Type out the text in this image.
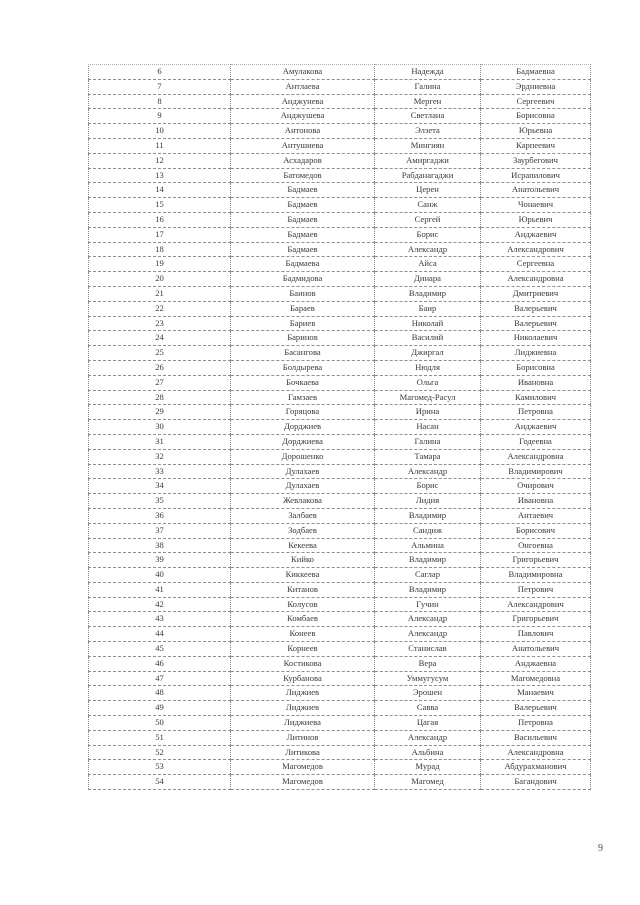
6	Амулакова	Надежда	Бадмаевна
7	Антлаева	Галина	Эрдниевна
8	Анджунева	Мерген	Сергеевич
9	Анджушева	Светлана	Борисовна
10	Антонова	Элзета	Юрьевна
11	Антушиева	Мингиян	Карпеевич
12	Асхадаров	Амиргаджи	Заурбегович
13	Батомедов	Рабданагаджи	Исрапилович
14	Бадмаев	Церен	Анатольевич
15	Бадмаев	Санж	Чонаевич
16	Бадмаев	Сергей	Юрьевич
17	Бадмаев	Борис	Анджаевич
18	Бадмаев	Александр	Александрович
19	Бадмаева	Айса	Сергеевна
20	Бадмидова	Динара	Александровна
21	Баинов	Владимир	Дмитриевич
22	Бараев	Баир	Валерьевич
23	Бариев	Николай	Валерьевич
24	Баринов	Василий	Николаевич
25	Басангова	Джиргал	Лиджиевна
26	Болдырева	Нюдля	Борисовна
27	Бочкаева	Ольга	Ивановна
28	Гамзаев	Магомед-Расул	Камилович
29	Горяцова	Ирина	Петровна
30	Дорджиев	Насан	Анджаевич
31	Дорджиева	Галина	Годеевна
32	Дорошенко	Тамара	Александровна
33	Дулахаев	Александр	Владимирович
34	Дулахаев	Борис	Очирович
35	Жевлакова	Лидия	Ивановна
36	Залбаев	Владимир	Антаевич
37	Зодбаев	Сандиж	Борисович
38	Кекеева	Альмина	Онгоевна
39	Кийко	Владимир	Григорьевич
40	Киккеева	Саглар	Владимировна
41	Китанов	Владимир	Петрович
42	Колусов	Гучин	Александрович
43	Комбаев	Александр	Григорьевич
44	Конеев	Александр	Павлович
45	Корнеев	Станислав	Анатольевич
46	Костикова	Вера	Анджаевна
47	Курбанова	Уммугусум	Магомедовна
48	Лиджиев	Эрошен	Манаевич
49	Лиджиев	Савва	Валерьевич
50	Лиджиева	Цагая	Петровна
51	Литинов	Александр	Васильевич
52	Литикова	Альбина	Александровна
53	Магомедов	Мурад	Абдурахманович
54	Магомедов	Магомед	Багандович
9
